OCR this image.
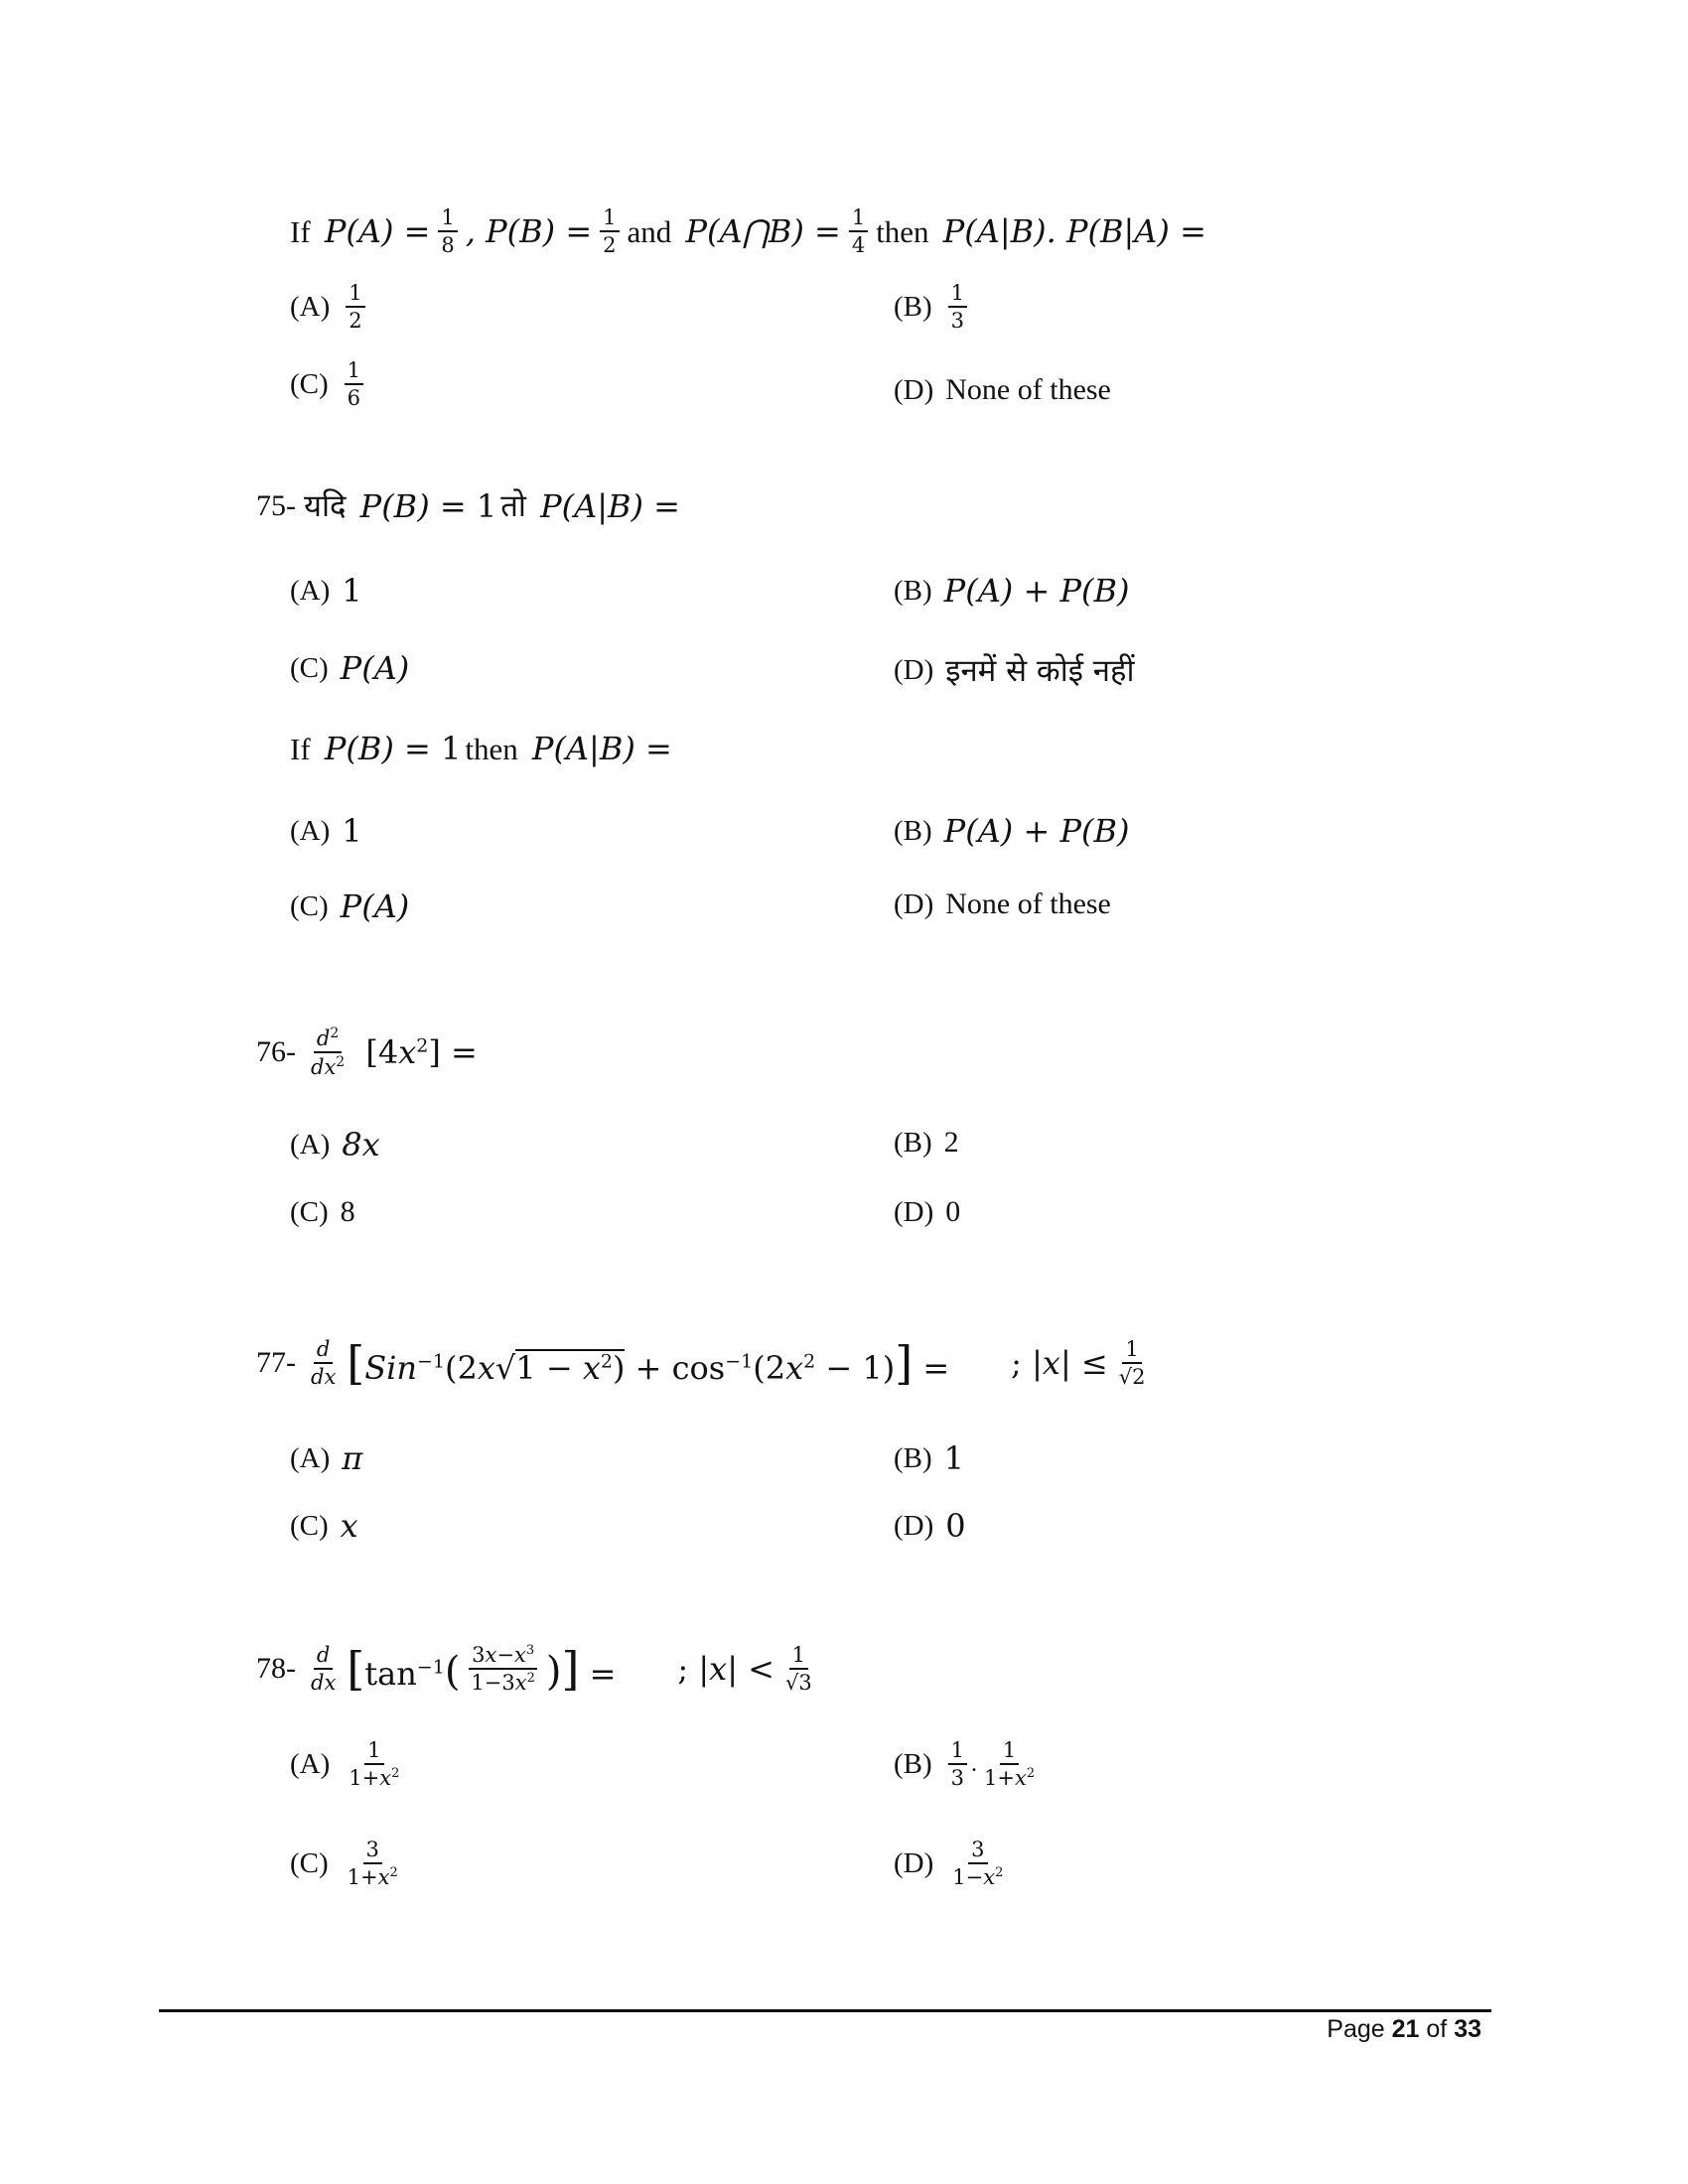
If $P(A) = \frac{1}{8}$ , $P(B) = \frac{1}{2}$ and P(A⋂B) = $\frac{1}{4}$ then P(A|B). P(B|A) =
$(A) \frac{1}{2}$	$(B) \frac{1}{3}$
$(C) \frac{1}{6}$	(D) None of these
75- यदि P(B) = 1 तो P(A|B) =
(A) 1	(B) P(A) + P(B)
(C) P(A)	(D) इनमें से कोई नहीं
If P(B) = 1 then P(A|B) =
(A) 1	(B) P(A) + P(B)
(C) P(A)	(D) None of these
$76- \frac{d^2}{dx^2} [4x^2]$ =
(A) 8x	(B) 2
(C) 8	(D) 0
$77- \frac{d}{dx} [Sin^{-1}(2x√1 - x^2) + \cos^{-1}(2x^2 - 1)]$ = ; $|x| \le \frac{1}{√2}$
(A) π	(B) 1
(C) x	(D) 0
$78- \frac{d}{dx} [\tan^{-1}( \frac{3x-x^3}{1-3x^2}$ )] = ; $|x| < \frac{1}{√3}$
$(A) \frac{1}{1+x^2}$	$(B) \frac{1}{3}$ . $\frac{1}{1+x^2}$
$(C) \frac{3}{1+x^2}$	$(D) \frac{3}{1-x^2}$
Page 21 of 33
